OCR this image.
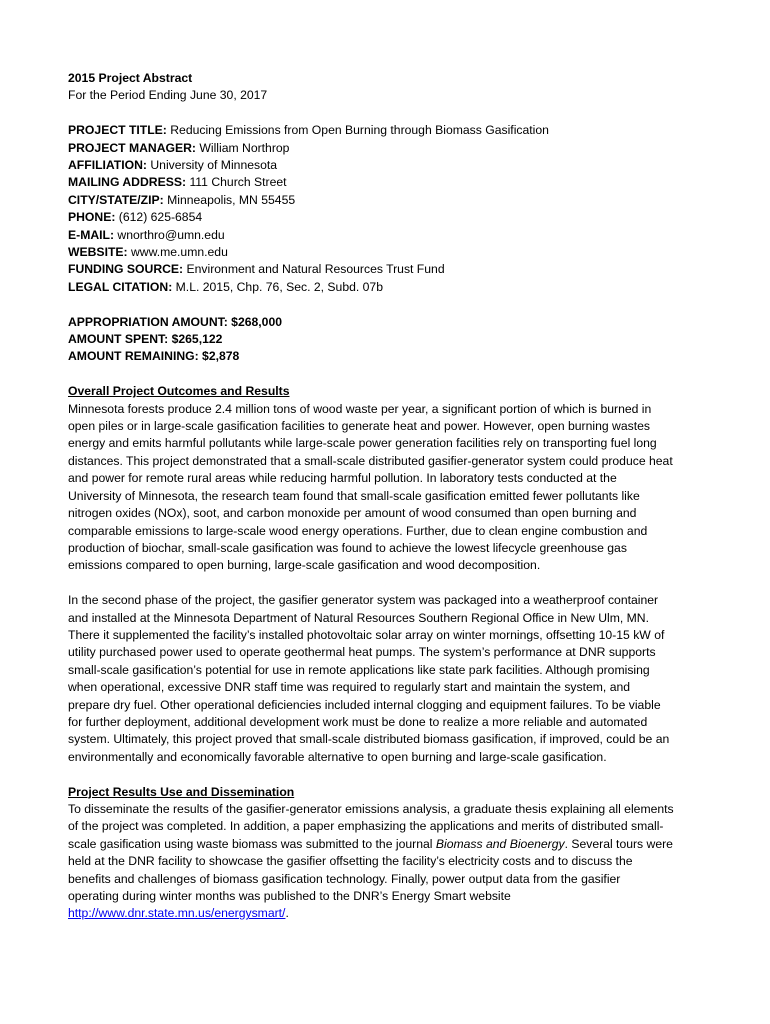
2015 Project Abstract
For the Period Ending June 30, 2017
PROJECT TITLE: Reducing Emissions from Open Burning through Biomass Gasification
PROJECT MANAGER: William Northrop
AFFILIATION: University of Minnesota
MAILING ADDRESS: 111 Church Street
CITY/STATE/ZIP: Minneapolis, MN 55455
PHONE: (612) 625-6854
E-MAIL: wnorthro@umn.edu
WEBSITE: www.me.umn.edu
FUNDING SOURCE: Environment and Natural Resources Trust Fund
LEGAL CITATION: M.L. 2015, Chp. 76, Sec. 2, Subd. 07b
APPROPRIATION AMOUNT: $268,000
AMOUNT SPENT: $265,122
AMOUNT REMAINING: $2,878
Overall Project Outcomes and Results
Minnesota forests produce 2.4 million tons of wood waste per year, a significant portion of which is burned in
open piles or in large-scale gasification facilities to generate heat and power. However, open burning wastes
energy and emits harmful pollutants while large-scale power generation facilities rely on transporting fuel long
distances. This project demonstrated that a small-scale distributed gasifier-generator system could produce heat
and power for remote rural areas while reducing harmful pollution. In laboratory tests conducted at the
University of Minnesota, the research team found that small-scale gasification emitted fewer pollutants like
nitrogen oxides (NOx), soot, and carbon monoxide per amount of wood consumed than open burning and
comparable emissions to large-scale wood energy operations. Further, due to clean engine combustion and
production of biochar, small-scale gasification was found to achieve the lowest lifecycle greenhouse gas
emissions compared to open burning, large-scale gasification and wood decomposition.
In the second phase of the project, the gasifier generator system was packaged into a weatherproof container
and installed at the Minnesota Department of Natural Resources Southern Regional Office in New Ulm, MN.
There it supplemented the facility’s installed photovoltaic solar array on winter mornings, offsetting 10-15 kW of
utility purchased power used to operate geothermal heat pumps. The system’s performance at DNR supports
small-scale gasification’s potential for use in remote applications like state park facilities. Although promising
when operational, excessive DNR staff time was required to regularly start and maintain the system, and
prepare dry fuel. Other operational deficiencies included internal clogging and equipment failures. To be viable
for further deployment, additional development work must be done to realize a more reliable and automated
system. Ultimately, this project proved that small-scale distributed biomass gasification, if improved, could be an
environmentally and economically favorable alternative to open burning and large-scale gasification.
Project Results Use and Dissemination
To disseminate the results of the gasifier-generator emissions analysis, a graduate thesis explaining all elements
of the project was completed. In addition, a paper emphasizing the applications and merits of distributed small-
scale gasification using waste biomass was submitted to the journal Biomass and Bioenergy. Several tours were
held at the DNR facility to showcase the gasifier offsetting the facility’s electricity costs and to discuss the
benefits and challenges of biomass gasification technology. Finally, power output data from the gasifier
operating during winter months was published to the DNR’s Energy Smart website
http://www.dnr.state.mn.us/energysmart/.
